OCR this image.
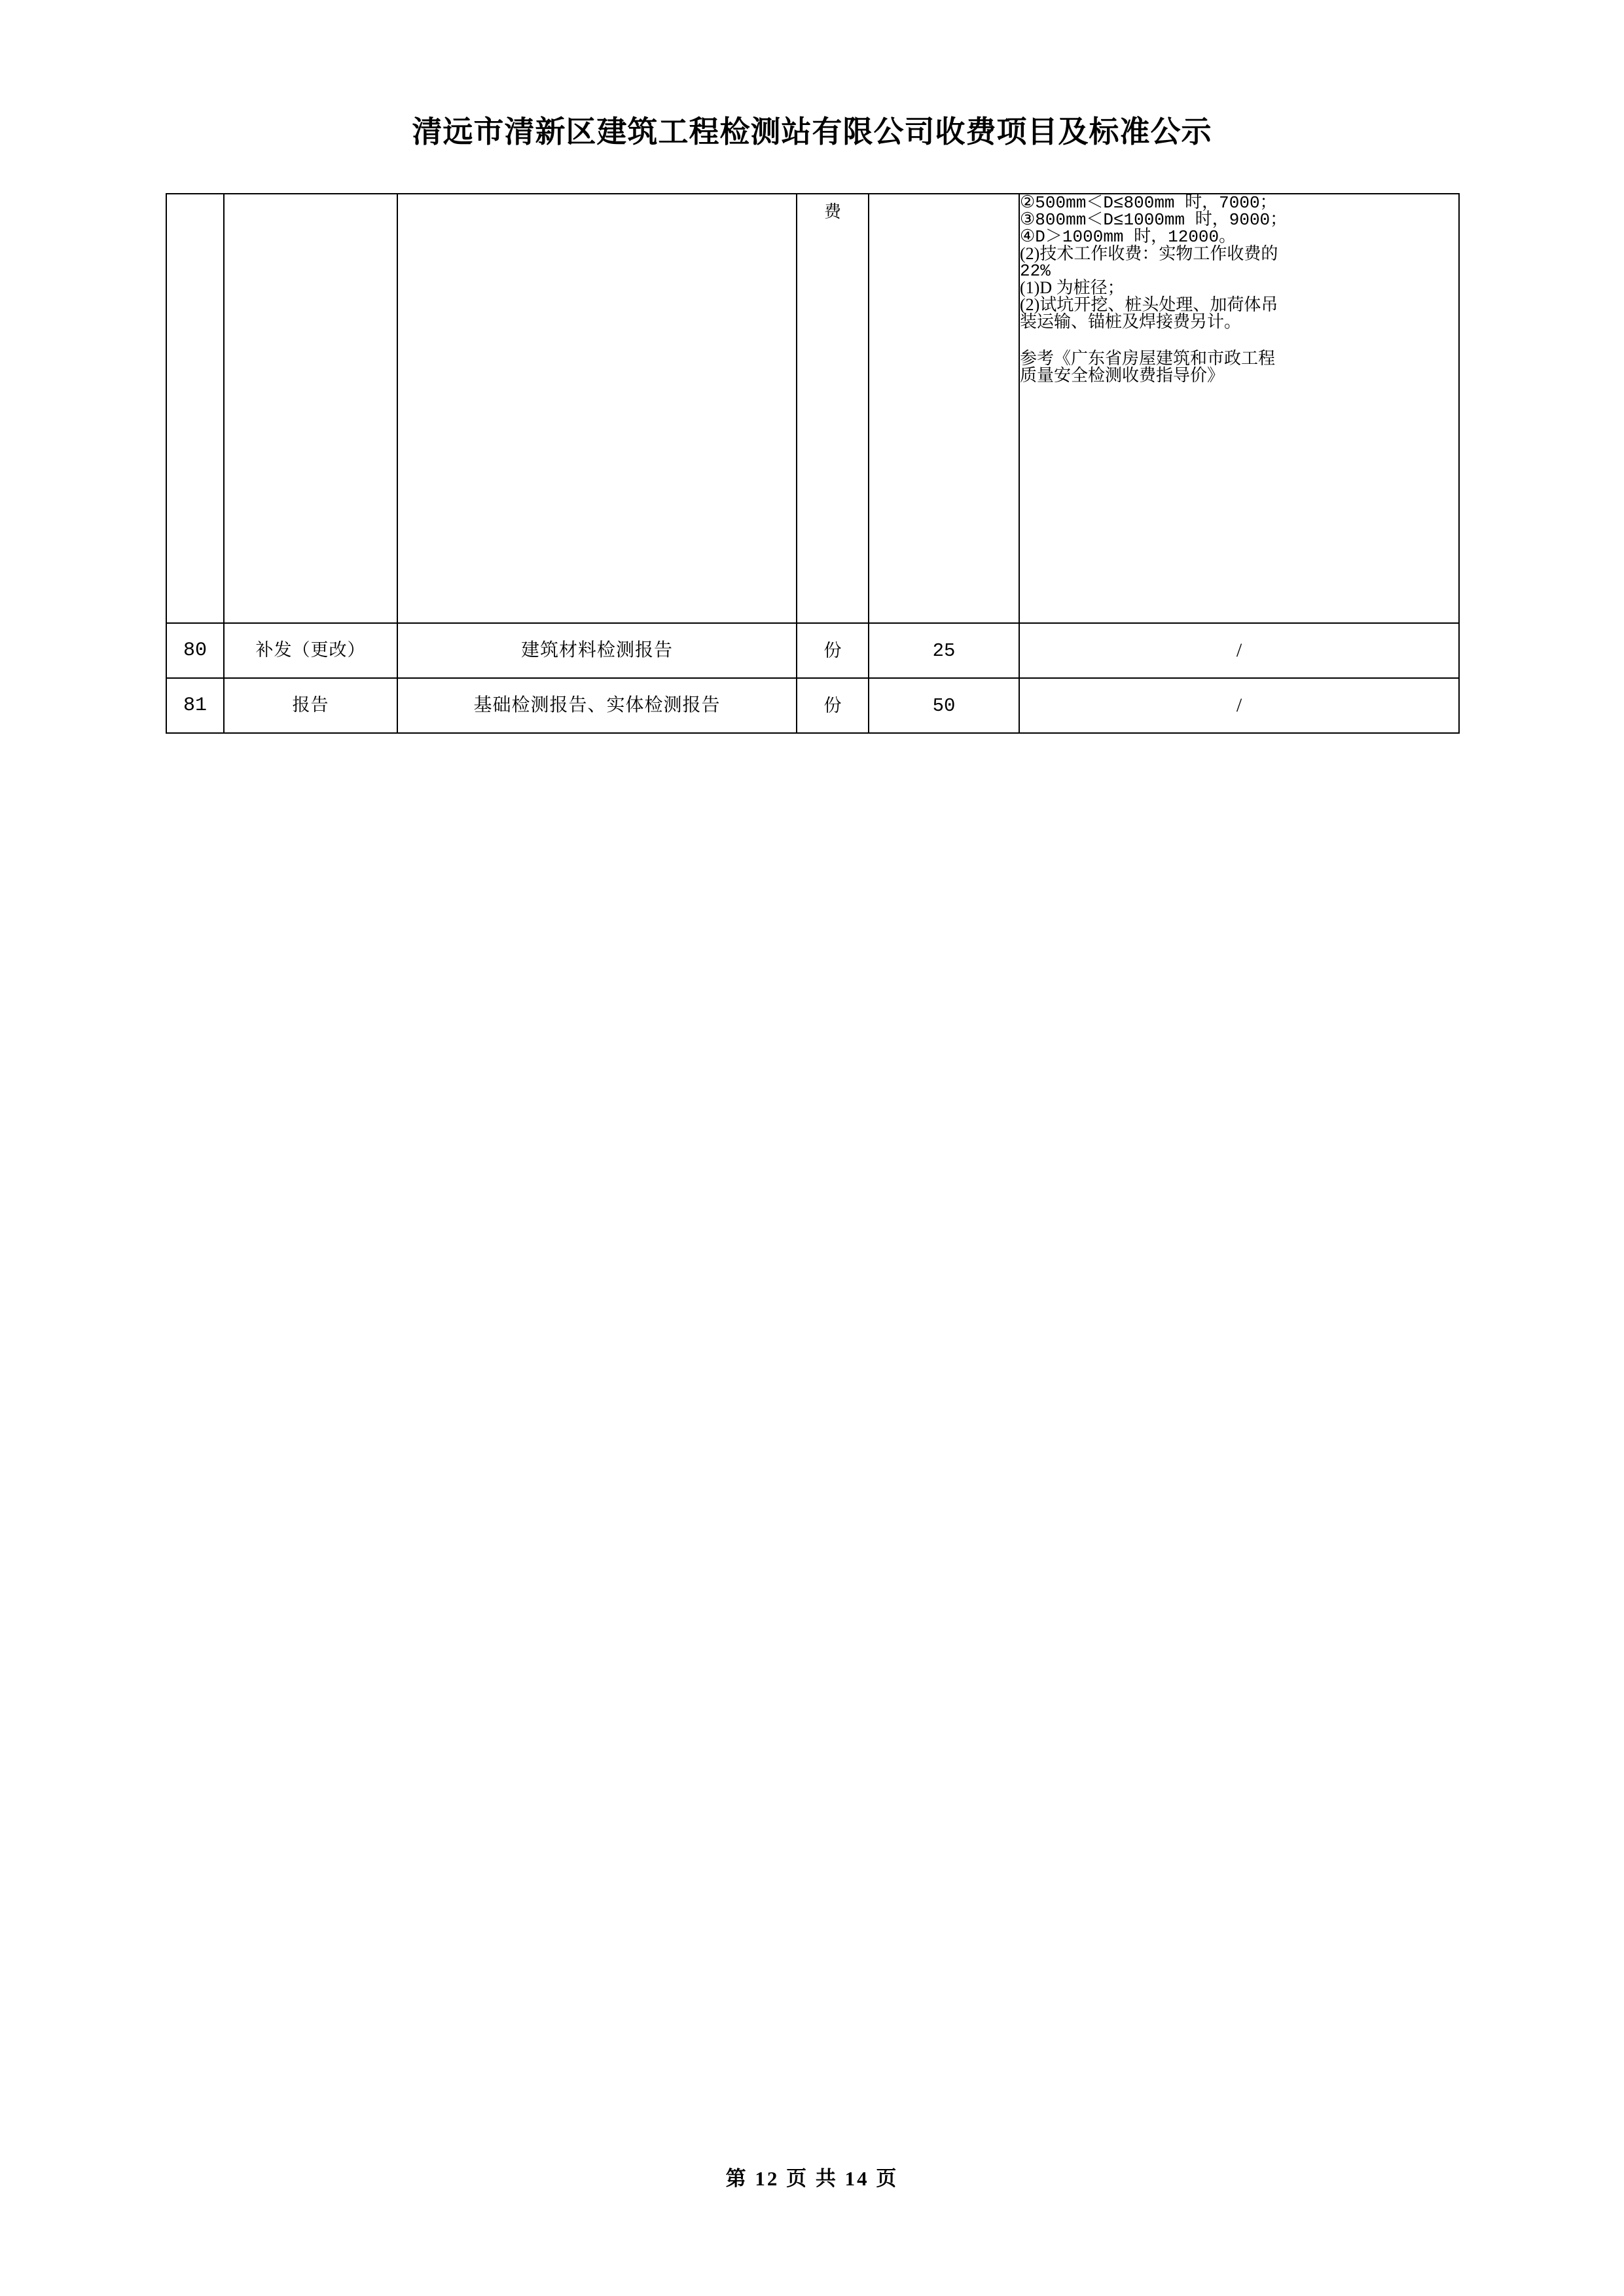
清远市清新区建筑工程检测站有限公司收费项目及标准公示
			费		②500mm＜D≤800mm 时，7000；

③800mm＜D≤1000mm 时，9000；

④D＞1000mm 时，12000。

(2)技术工作收费：实物工作收费的

22%

(1)D 为桩径；

(2)试坑开挖、桩头处理、加荷体吊

装运输、锚桩及焊接费另计。

参考《广东省房屋建筑和市政工程

质量安全检测收费指导价》

80	补发（更改）	建筑材料检测报告	份	25	/
81	报告	基础检测报告、实体检测报告	份	50	/
第 12 页 共 14 页
